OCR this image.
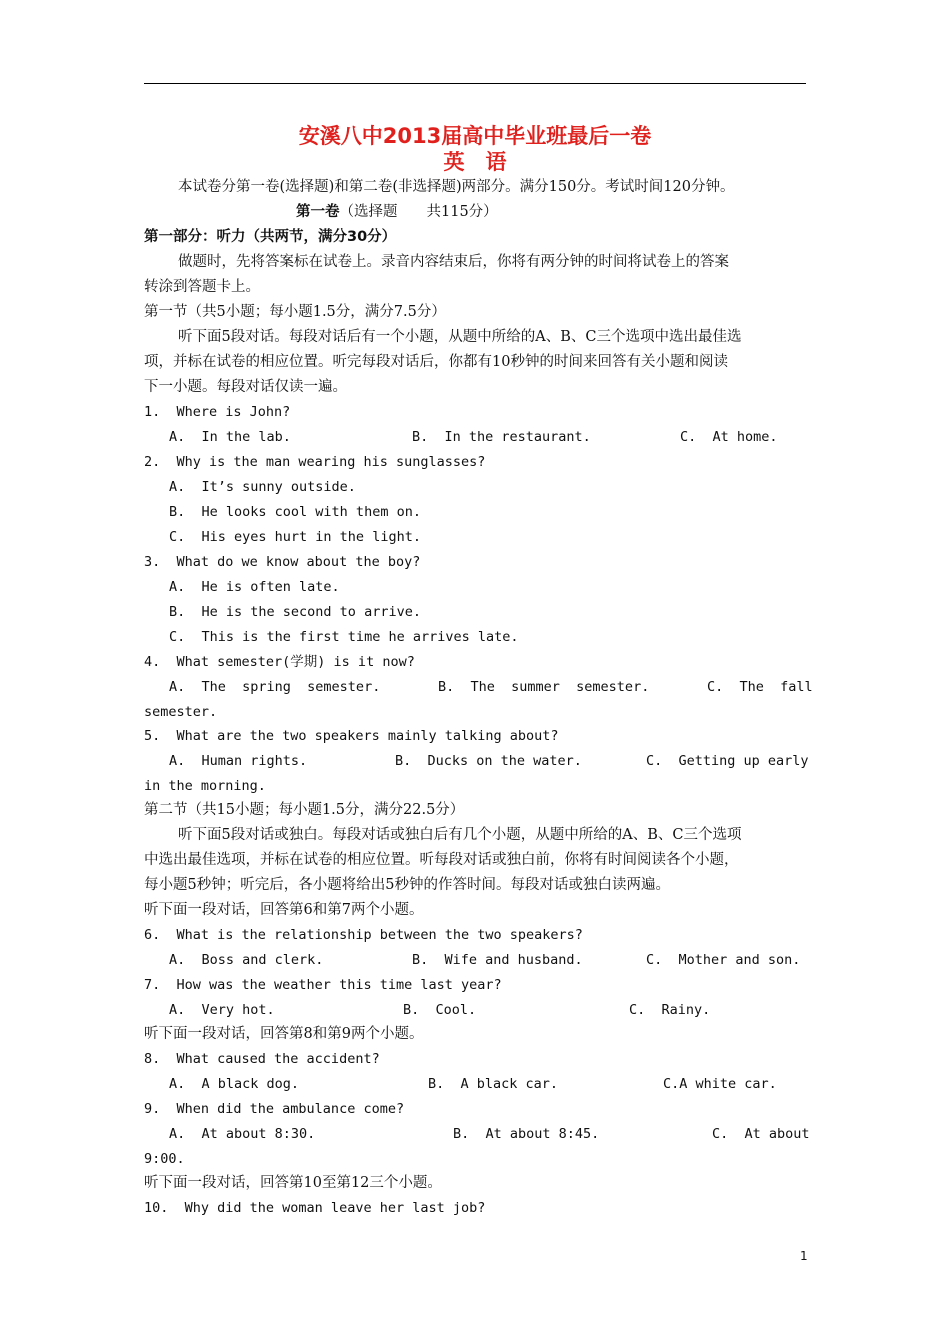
安溪八中2013届高中毕业班最后一卷
英　语
本试卷分第一卷(选择题)和第二卷(非选择题)两部分。满分150分。考试时间120分钟。
第一卷（选择题　　共115分）
第一部分：听力（共两节，满分30分）
做题时，先将答案标在试卷上。录音内容结束后，你将有两分钟的时间将试卷上的答案
转涂到答题卡上。
第一节（共5小题；每小题1.5分，满分7.5分）
听下面5段对话。每段对话后有一个小题，从题中所给的A、B、C三个选项中选出最佳选
项，并标在试卷的相应位置。听完每段对话后，你都有10秒钟的时间来回答有关小题和阅读
下一小题。每段对话仅读一遍。
1.  Where is John?
A.  In the lab.	B.  In the restaurant.	C.  At home.
2.  Why is the man wearing his sunglasses?
A.  It’s sunny outside.
B.  He looks cool with them on.
C.  His eyes hurt in the light.
3.  What do we know about the boy?
A.  He is often late.
B.  He is the second to arrive.
C.  This is the first time he arrives late.
4.  What semester(学期) is it now?
A.  The  spring  semester.	B.  The  summer  semester.	C.  The  fall
semester.
5.  What are the two speakers mainly talking about?
A.  Human rights.	B.  Ducks on the water.	C.  Getting up early
in the morning.
第二节（共15小题；每小题1.5分，满分22.5分）
听下面5段对话或独白。每段对话或独白后有几个小题，从题中所给的A、B、C三个选项
中选出最佳选项，并标在试卷的相应位置。听每段对话或独白前，你将有时间阅读各个小题，
每小题5秒钟；听完后，各小题将给出5秒钟的作答时间。每段对话或独白读两遍。
听下面一段对话，回答第6和第7两个小题。
6.  What is the relationship between the two speakers?
A.  Boss and clerk.	B.  Wife and husband.	C.  Mother and son.
7.  How was the weather this time last year?
A.  Very hot.	B.  Cool.	C.  Rainy.
听下面一段对话，回答第8和第9两个小题。
8.  What caused the accident?
A.  A black dog.	B.  A black car.	C.A white car.
9.  When did the ambulance come?
A.  At about 8:30.	B.  At about 8:45.	C.  At about
9:00.
听下面一段对话，回答第10至第12三个小题。
10.  Why did the woman leave her last job?
1
